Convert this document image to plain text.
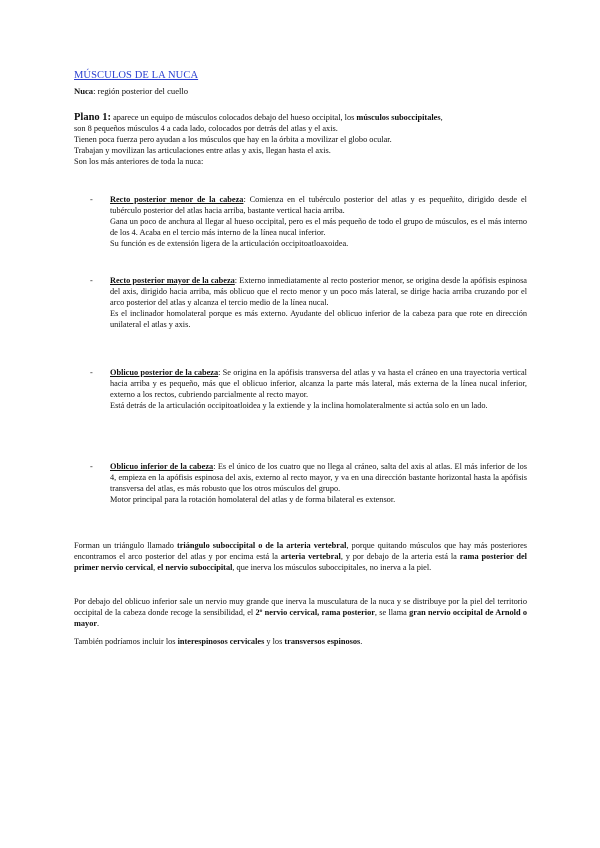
MÚSCULOS DE LA NUCA
Nuca: región posterior del cuello
Plano 1: aparece un equipo de músculos colocados debajo del hueso occipital, los músculos suboccipitales,
son 8 pequeños músculos 4 a cada lado, colocados por detrás del atlas y el axis.
Tienen poca fuerza pero ayudan a los músculos que hay en la órbita a movilizar el globo ocular.
Trabajan y movilizan las articulaciones entre atlas y axis, llegan hasta el axis.
Son los más anteriores de toda la nuca:
- Recto posterior menor de la cabeza: Comienza en el tubérculo posterior del atlas y es pequeñito, dirigido desde el tubérculo posterior del atlas hacia arriba, bastante vertical hacia arriba.
Gana un poco de anchura al llegar al hueso occipital, pero es el más pequeño de todo el grupo de músculos, es el más interno de los 4. Acaba en el tercio más interno de la línea nucal inferior.
Su función es de extensión ligera de la articulación occipitoatloaxoidea.
- Recto posterior mayor de la cabeza: Externo inmediatamente al recto posterior menor, se origina desde la apófisis espinosa del axis, dirigido hacia arriba, más oblicuo que el recto menor y un poco más lateral, se dirige hacia arriba cruzando por el arco posterior del atlas y alcanza el tercio medio de la línea nucal.
Es el inclinador homolateral porque es más externo. Ayudante del oblicuo inferior de la cabeza para que rote en dirección unilateral el atlas y axis.
- Oblicuo posterior de la cabeza: Se origina en la apófisis transversa del atlas y va hasta el cráneo en una trayectoria vertical hacia arriba y es pequeño, más que el oblicuo inferior, alcanza la parte más lateral, más externa de la línea nucal inferior, externo a los rectos, cubriendo parcialmente al recto mayor.
Está detrás de la articulación occipitoatloidea y la extiende y la inclina homolateralmente si actúa solo en un lado.
- Oblicuo inferior de la cabeza: Es el único de los cuatro que no llega al cráneo, salta del axis al atlas. El más inferior de los 4, empieza en la apófisis espinosa del axis, externo al recto mayor, y va en una dirección bastante horizontal hasta la apófisis transversa del atlas, es más robusto que los otros músculos del grupo.
Motor principal para la rotación homolateral del atlas y de forma bilateral es extensor.
Forman un triángulo llamado triángulo suboccipital o de la arteria vertebral, porque quitando músculos que hay más posteriores encontramos el arco posterior del atlas y por encima está la arteria vertebral, y por debajo de la arteria está la rama posterior del primer nervio cervical, el nervio suboccipital, que inerva los músculos suboccipitales, no inerva a la piel.
Por debajo del oblicuo inferior sale un nervio muy grande que inerva la musculatura de la nuca y se distribuye por la piel del territorio occipital de la cabeza donde recoge la sensibilidad, el 2º nervio cervical, rama posterior, se llama gran nervio occipital de Arnold o mayor.
También podríamos incluir los interespinosos cervicales y los transversos espinosos.
